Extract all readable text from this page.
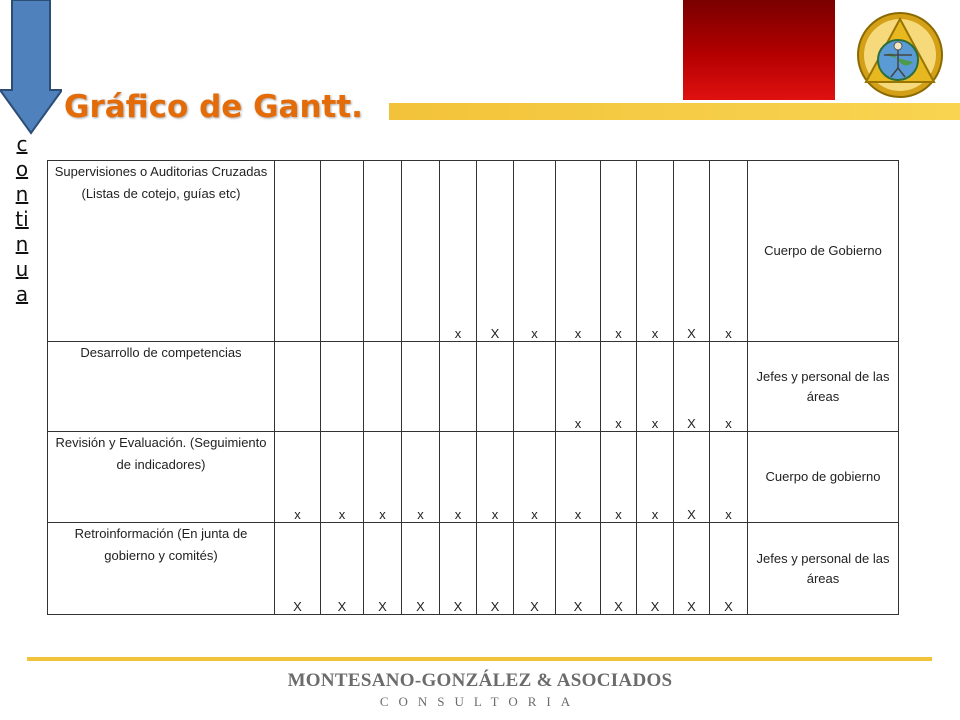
c
o
n
ti
n
u
a
Gráfico de Gantt.
Supervisiones o Auditorias Cruzadas (Listas de cotejo, guías etc)					x	X	x	x	x	x	X	x	Cuerpo de Gobierno
Desarrollo de competencias								x	x	x	X	x	Jefes y personal de las áreas
Revisión y Evaluación. (Seguimiento de indicadores)	x	x	x	x	x	x	x	x	x	x	X	x	Cuerpo de gobierno
Retroinformación (En junta de gobierno y comités)	X	X	X	X	X	X	X	X	X	X	X	X	Jefes y personal de las áreas
MONTESANO-GONZÁLEZ & ASOCIADOS
CONSULTORIA
